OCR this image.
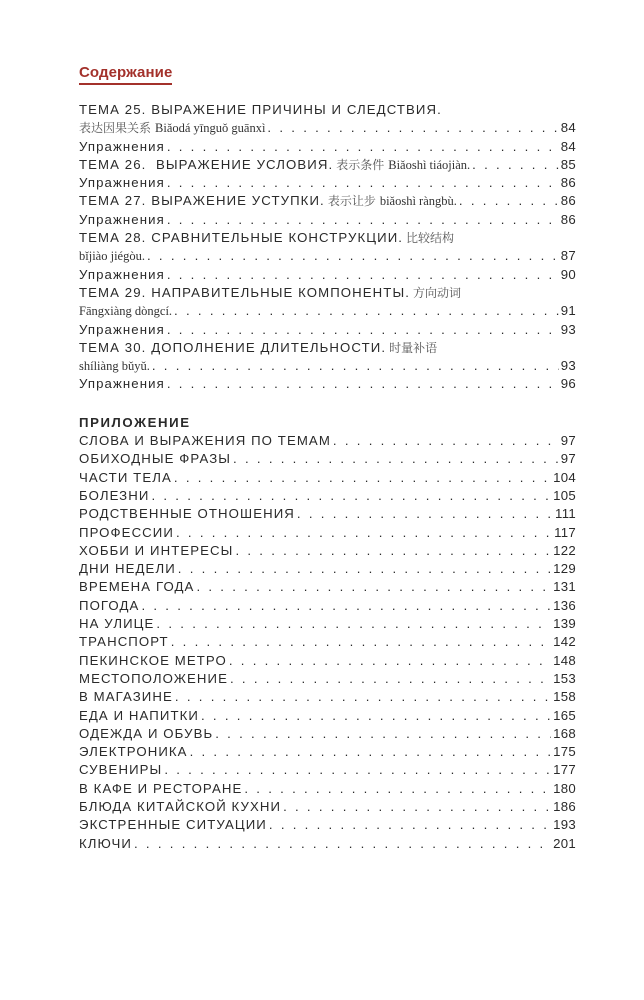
Содержание
ТЕМА 25. ВЫРАЖЕНИЕ ПРИЧИНЫ И СЛЕДСТВИЯ.
表达因果关系 Biǎodá yīnguǒ guānxì . . .	84
Упражнения . . .	84
ТЕМА 26.  ВЫРАЖЕНИЕ УСЛОВИЯ. 表示条件 Biǎoshì tiáojiàn. . . .	85
Упражнения . . .	86
ТЕМА 27. ВЫРАЖЕНИЕ УСТУПКИ. 表示让步 biǎoshì ràngbù. . . .	86
Упражнения . . .	86
ТЕМА 28. СРАВНИТЕЛЬНЫЕ КОНСТРУКЦИИ. 比较结构
bǐjiào jiégòu. . . .	87
Упражнения . . .	90
ТЕМА 29. НАПРАВИТЕЛЬНЫЕ КОМПОНЕНТЫ. 方向动词
Fāngxiàng dòngcí. . . .	91
Упражнения . . .	93
ТЕМА 30. ДОПОЛНЕНИЕ ДЛИТЕЛЬНОСТИ. 时量补语
shíliàng bǔyǔ. . . .	93
Упражнения . . .	96
ПРИЛОЖЕНИЕ
СЛОВА И ВЫРАЖЕНИЯ ПО ТЕМАМ . . .	97
ОБИХОДНЫЕ ФРАЗЫ . . .	97
ЧАСТИ ТЕЛА . . .	104
БОЛЕЗНИ . . .	105
РОДСТВЕННЫЕ ОТНОШЕНИЯ . . .	111
ПРОФЕССИИ . . .	117
ХОББИ И ИНТЕРЕСЫ . . .	122
ДНИ НЕДЕЛИ . . .	129
ВРЕМЕНА ГОДА . . .	131
ПОГОДА . . .	136
НА УЛИЦЕ . . .	139
ТРАНСПОРТ . . .	142
ПЕКИНСКОЕ МЕТРО . . .	148
МЕСТОПОЛОЖЕНИЕ . . .	153
В МАГАЗИНЕ . . .	158
ЕДА И НАПИТКИ . . .	165
ОДЕЖДА И ОБУВЬ . . .	168
ЭЛЕКТРОНИКА . . .	175
СУВЕНИРЫ . . .	177
В КАФЕ И РЕСТОРАНЕ . . .	180
БЛЮДА КИТАЙСКОЙ КУХНИ . . .	186
ЭКСТРЕННЫЕ СИТУАЦИИ . . .	193
КЛЮЧИ . . .	201
